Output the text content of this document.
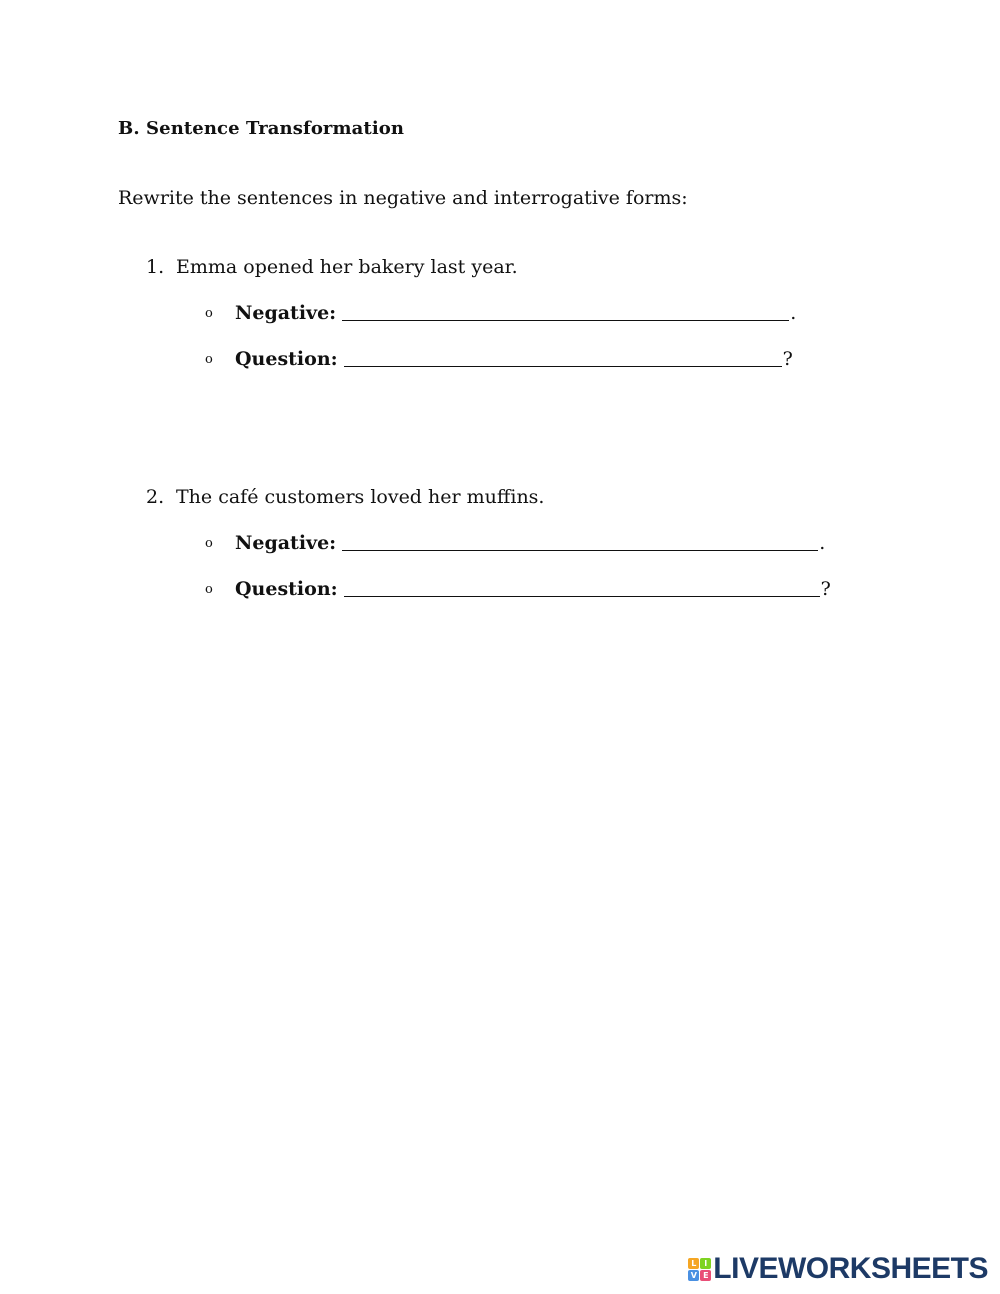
B. Sentence Transformation
Rewrite the sentences in negative and interrogative forms:
1. Emma opened her bakery last year.
o Negative:	.
o Question:	?
2. The café customers loved her muffins.
o Negative:	.
o Question:	?
L I
V E LIVEWORKSHEETS
